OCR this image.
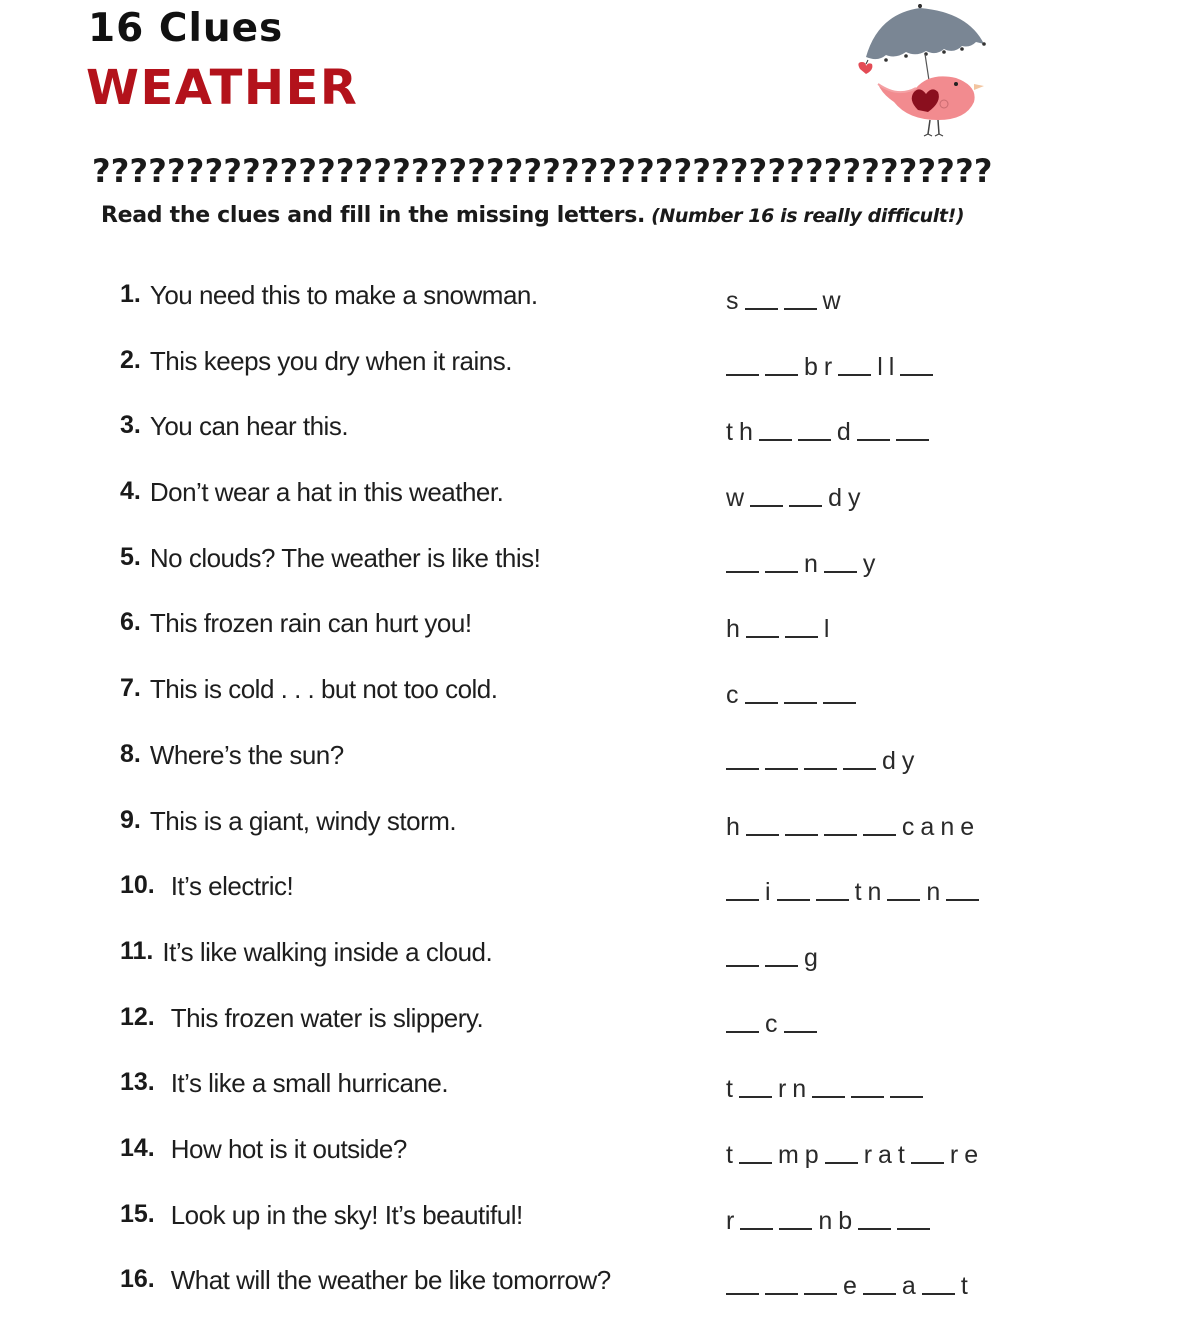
16 Clues
WEATHER
????????????????????????????????????????????????
Read the clues and fill in the missing letters. (Number 16 is really difficult!)
1. You need this to make a snowman.	s	w
2. This keeps you dry when it rains.	b r l l
3. You can hear this.	t h	d
4. Don’t wear a hat in this weather.	w	d y
5. No clouds? The weather is like this!	n y
6. This frozen rain can hurt you!	h	l
7. This is cold . . . but not too cold.	c
8. Where’s the sun?	d y
9. This is a giant, windy storm.	h	c a n e
10. It’s electric!	i	t n n
11. It’s like walking inside a cloud.	g
12. This frozen water is slippery.	c
13. It’s like a small hurricane.	t r n
14. How hot is it outside?	t m p r a t r e
15. Look up in the sky! It’s beautiful!	r	n b
16. What will the weather be like tomorrow?	e a t
